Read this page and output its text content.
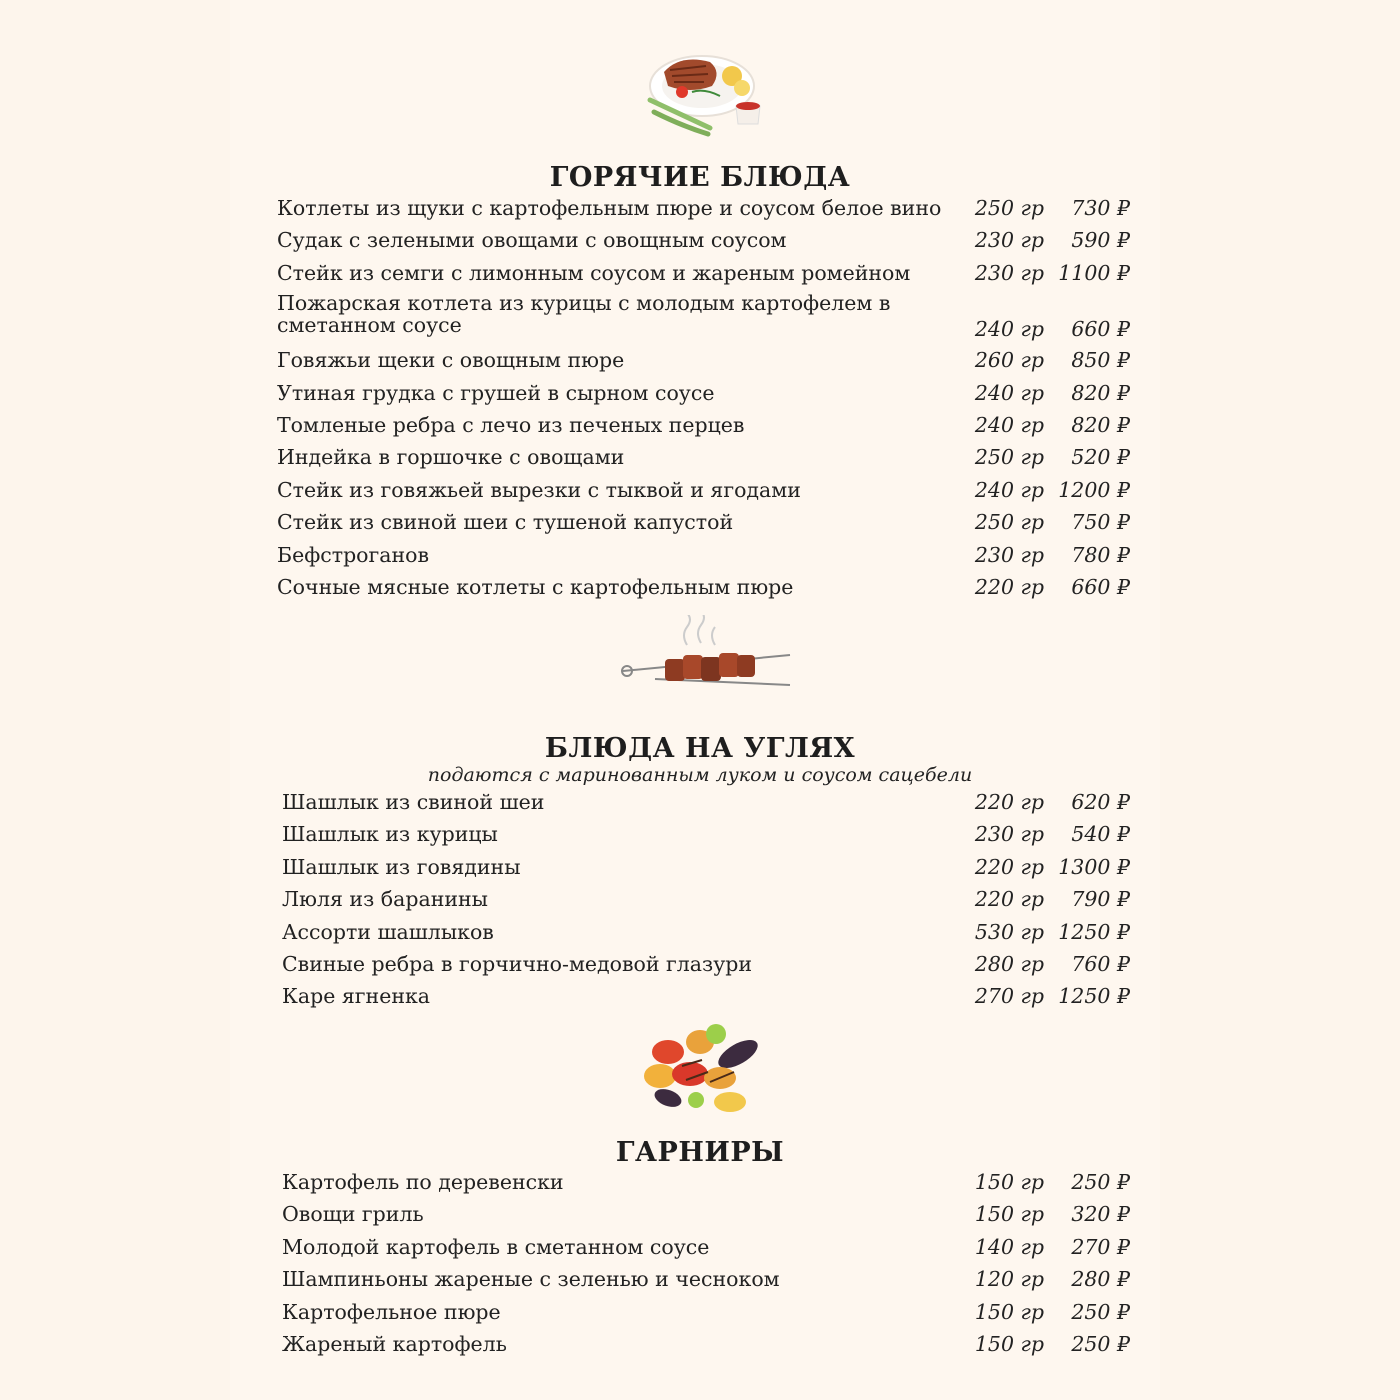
ГОРЯЧИЕ БЛЮДА
Котлеты из щуки с картофельным пюре и соусом белое вино	250 гр	730 ₽
Судак с зелеными овощами с овощным соусом	230 гр	590 ₽
Стейк из семги с лимонным соусом и жареным ромейном	230 гр 1100 ₽
Пожарская котлета из курицы с молодым картофелем в сметанном соусе	240 гр	660 ₽
Говяжьи щеки с овощным пюре	260 гр	850 ₽
Утиная грудка с грушей в сырном соусе	240 гр	820 ₽
Томленые ребра с лечо из печеных перцев	240 гр	820 ₽
Индейка в горшочке с овощами	250 гр	520 ₽
Стейк из говяжьей вырезки с тыквой и ягодами	240 гр 1200 ₽
Стейк из свиной шеи с тушеной капустой	250 гр	750 ₽
Бефстроганов	230 гр	780 ₽
Сочные мясные котлеты с картофельным пюре	220 гр	660 ₽
БЛЮДА НА УГЛЯХ
подаются с маринованным луком и соусом сацебели
Шашлык из свиной шеи	220 гр	620 ₽
Шашлык из курицы	230 гр	540 ₽
Шашлык из говядины	220 гр 1300 ₽
Люля из баранины	220 гр	790 ₽
Ассорти шашлыков	530 гр 1250 ₽
Свиные ребра в горчично-медовой глазури	280 гр	760 ₽
Каре ягненка	270 гр 1250 ₽
ГАРНИРЫ
Картофель по деревенски	150 гр	250 ₽
Овощи гриль	150 гр	320 ₽
Молодой картофель в сметанном соусе	140 гр	270 ₽
Шампиньоны жареные с зеленью и чесноком	120 гр	280 ₽
Картофельное пюре	150 гр	250 ₽
Жареный картофель	150 гр	250 ₽
